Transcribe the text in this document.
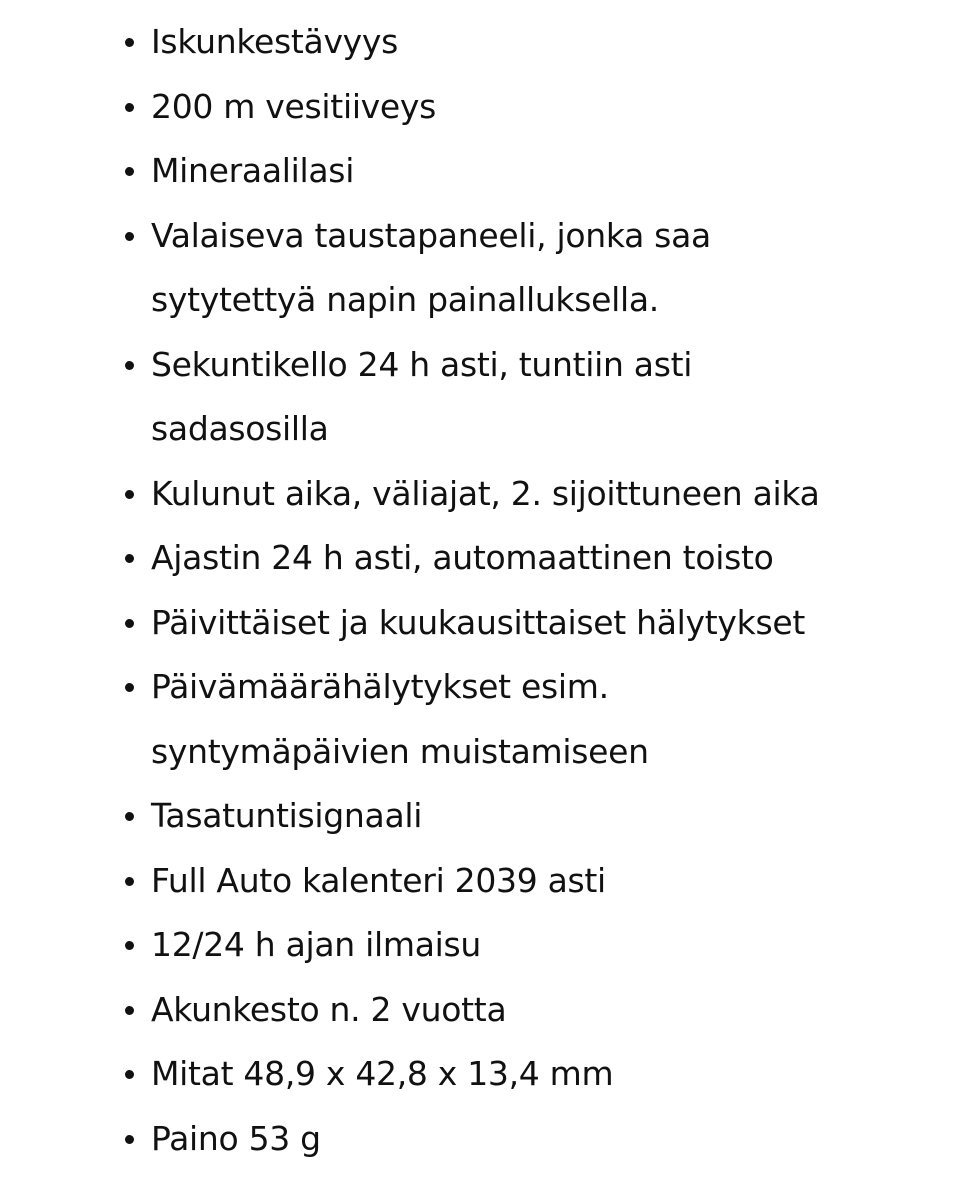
Iskunkestävyys
200 m vesitiiveys
Mineraalilasi
Valaiseva taustapaneeli, jonka saa
sytytettyä napin painalluksella.
Sekuntikello 24 h asti, tuntiin asti
sadasosilla
Kulunut aika, väliajat, 2. sijoittuneen aika
Ajastin 24 h asti, automaattinen toisto
Päivittäiset ja kuukausittaiset hälytykset
Päivämäärähälytykset esim.
syntymäpäivien muistamiseen
Tasatuntisignaali
Full Auto kalenteri 2039 asti
12/24 h ajan ilmaisu
Akunkesto n. 2 vuotta
Mitat 48,9 x 42,8 x 13,4 mm
Paino 53 g
